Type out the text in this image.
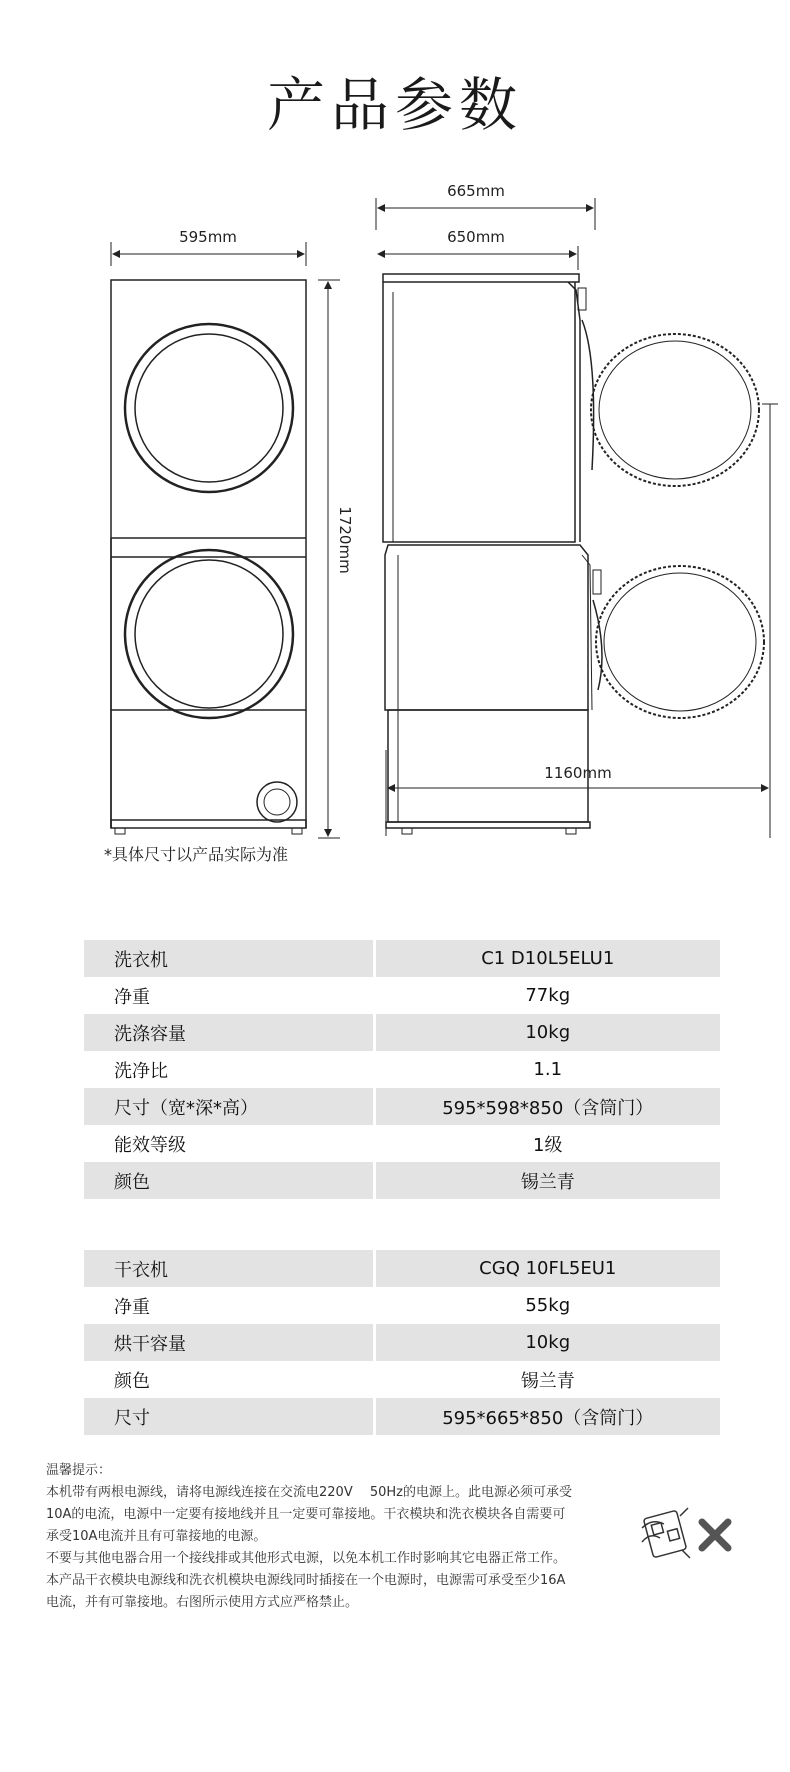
产品参数
665mm
650mm
595mm
1720mm
1160mm
*具体尺寸以产品实际为准
洗衣机	C1 D10L5ELU1
净重	77kg
洗涤容量	10kg
洗净比	1.1
尺寸（宽*深*高）	595*598*850（含筒门）
能效等级	1级
颜色	锡兰青
干衣机	CGQ 10FL5EU1
净重	55kg
烘干容量	10kg
颜色	锡兰青
尺寸	595*665*850（含筒门）

温馨提示：

本机带有两根电源线，请将电源线连接在交流电220V　 50Hz的电源上。此电源必须可承受

10A的电流，电源中一定要有接地线并且一定要可靠接地。干衣模块和洗衣模块各自需要可

承受10A电流并且有可靠接地的电源。

不要与其他电器合用一个接线排或其他形式电源，以免本机工作时影响其它电器正常工作。

本产品干衣模块电源线和洗衣机模块电源线同时插接在一个电源时，电源需可承受至少16A

电流，并有可靠接地。右图所示使用方式应严格禁止。
